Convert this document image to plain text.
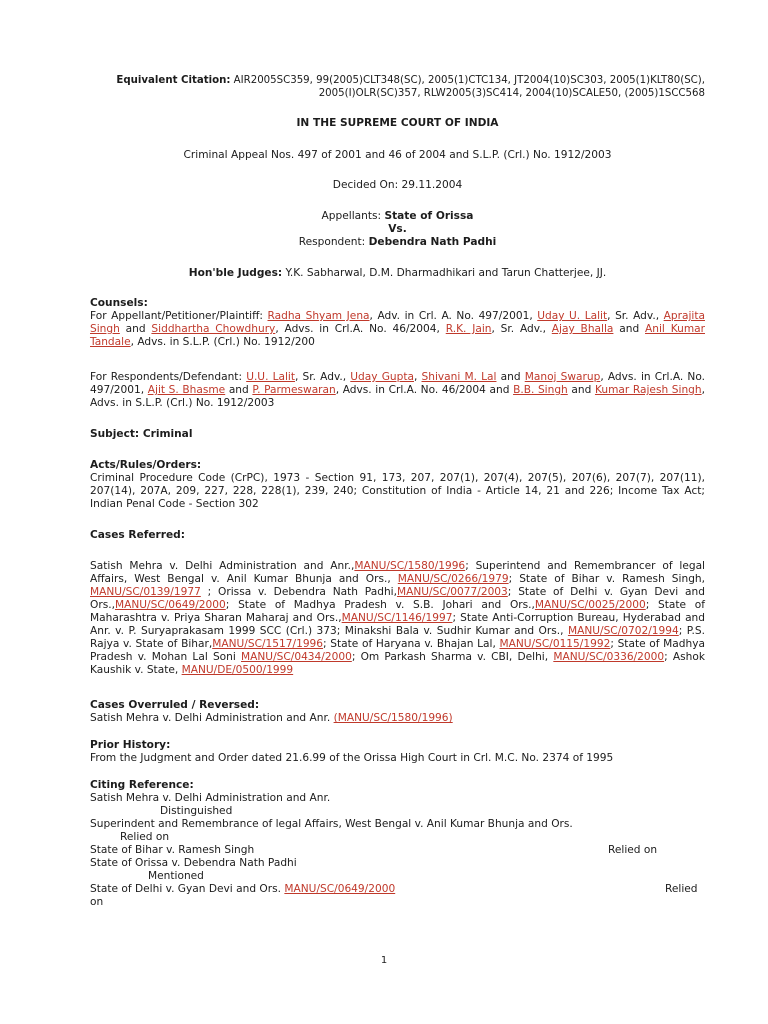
Equivalent Citation: AIR2005SC359, 99(2005)CLT348(SC), 2005(1)CTC134, JT2004(10)SC303, 2005(1)KLT80(SC),
2005(I)OLR(SC)357, RLW2005(3)SC414, 2004(10)SCALE50, (2005)1SCC568
IN THE SUPREME COURT OF INDIA
Criminal Appeal Nos. 497 of 2001 and 46 of 2004 and S.L.P. (Crl.) No. 1912/2003
Decided On: 29.11.2004
Appellants: State of Orissa
Vs.
Respondent: Debendra Nath Padhi
Hon'ble Judges: Y.K. Sabharwal, D.M. Dharmadhikari and Tarun Chatterjee, JJ.
Counsels:
For Appellant/Petitioner/Plaintiff: Radha Shyam Jena, Adv. in Crl. A. No. 497/2001, Uday U. Lalit, Sr. Adv., Aprajita Singh and Siddhartha Chowdhury, Advs. in Crl.A. No. 46/2004, R.K. Jain, Sr. Adv., Ajay Bhalla and Anil Kumar Tandale, Advs. in S.L.P. (Crl.) No. 1912/200
For Respondents/Defendant: U.U. Lalit, Sr. Adv., Uday Gupta, Shivani M. Lal and Manoj Swarup, Advs. in Crl.A. No. 497/2001, Ajit S. Bhasme and P. Parmeswaran, Advs. in Crl.A. No. 46/2004 and B.B. Singh and Kumar Rajesh Singh, Advs. in S.L.P. (Crl.) No. 1912/2003
Subject: Criminal
Acts/Rules/Orders:
Criminal Procedure Code (CrPC), 1973 - Section 91, 173, 207, 207(1), 207(4), 207(5), 207(6), 207(7), 207(11), 207(14), 207A, 209, 227, 228, 228(1), 239, 240; Constitution of India - Article 14, 21 and 226; Income Tax Act; Indian Penal Code - Section 302
Cases Referred:
Satish Mehra v. Delhi Administration and Anr.,MANU/SC/1580/1996; Superintend and Remembrancer of legal Affairs, West Bengal v. Anil Kumar Bhunja and Ors., MANU/SC/0266/1979; State of Bihar v. Ramesh Singh, MANU/SC/0139/1977 ; Orissa v. Debendra Nath Padhi,MANU/SC/0077/2003; State of Delhi v. Gyan Devi and Ors.,MANU/SC/0649/2000; State of Madhya Pradesh v. S.B. Johari and Ors.,MANU/SC/0025/2000; State of Maharashtra v. Priya Sharan Maharaj and Ors.,MANU/SC/1146/1997; State Anti-Corruption Bureau, Hyderabad and Anr. v. P. Suryaprakasam 1999 SCC (Crl.) 373; Minakshi Bala v. Sudhir Kumar and Ors., MANU/SC/0702/1994; P.S. Rajya v. State of Bihar,MANU/SC/1517/1996; State of Haryana v. Bhajan Lal, MANU/SC/0115/1992; State of Madhya Pradesh v. Mohan Lal Soni MANU/SC/0434/2000; Om Parkash Sharma v. CBI, Delhi, MANU/SC/0336/2000; Ashok Kaushik v. State, MANU/DE/0500/1999
Cases Overruled / Reversed:
Satish Mehra v. Delhi Administration and Anr. (MANU/SC/1580/1996)
Prior History:
From the Judgment and Order dated 21.6.99 of the Orissa High Court in Crl. M.C. No. 2374 of 1995
Citing Reference:
Satish Mehra v. Delhi Administration and Anr.
Distinguished
Superindent and Remembrance of legal Affairs, West Bengal v. Anil Kumar Bhunja and Ors.
Relied on
State of Bihar v. Ramesh Singh	Relied on
State of Orissa v. Debendra Nath Padhi
Mentioned
State of Delhi v. Gyan Devi and Ors. MANU/SC/0649/2000	Relied
on
1
